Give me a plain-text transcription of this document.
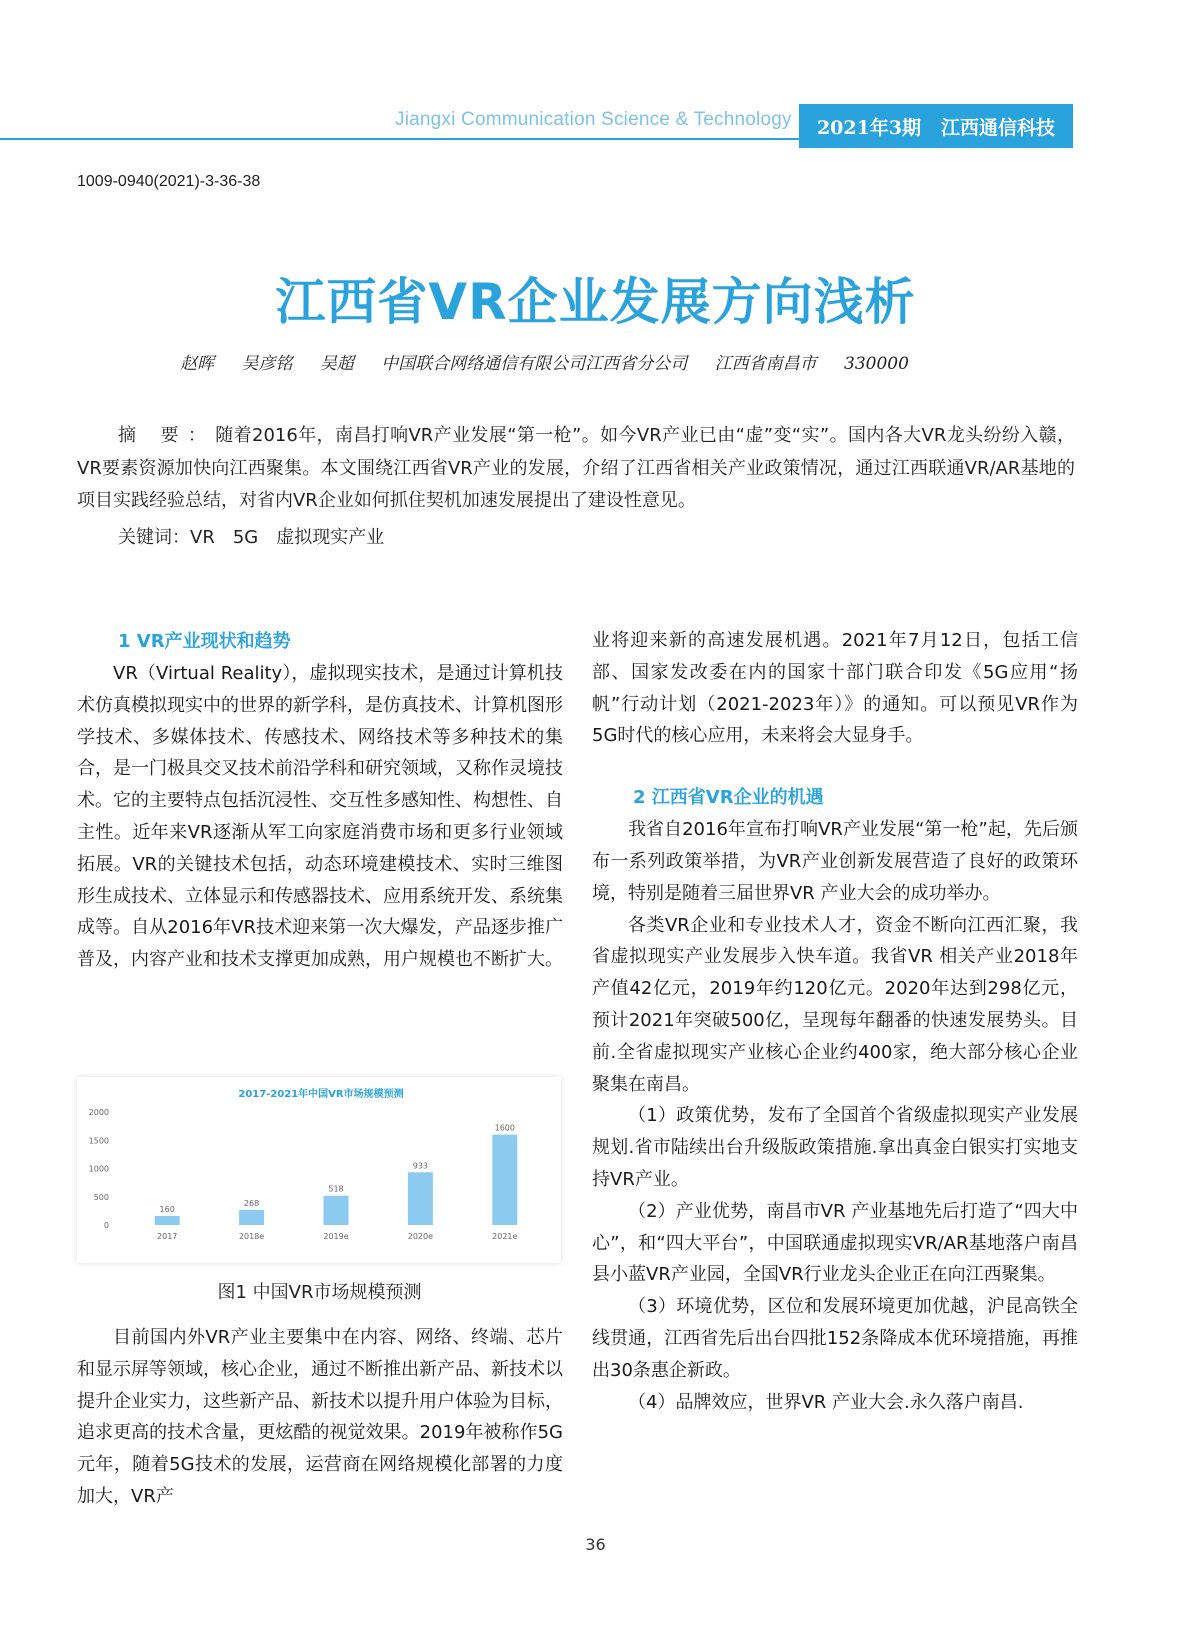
Jiangxi Communication Science & Technology 2021年3期 江西通信科技
1009-0940(2021)-3-36-38
江西省VR企业发展方向浅析
赵晖 吴彦铭 吴超 中国联合网络通信有限公司江西省分公司 江西省南昌市 330000

摘 要：随着2016年，南昌打响VR产业发展“第一枪”。如今VR产业已由“虚”变“实”。国内各大VR龙头纷纷入赣，VR要素资源加快向江西聚集。本文围绕江西省VR产业的发展，介绍了江西省相关产业政策情况，通过江西联通VR/AR基地的项目实践经验总结，对省内VR企业如何抓住契机加速发展提出了建设性意见。

关键词：VR　5G　虚拟现实产业
1 VR产业现状和趋势

VR（Virtual Reality），虚拟现实技术，是通过计算机技术仿真模拟现实中的世界的新学科，是仿真技术、计算机图形学技术、多媒体技术、传感技术、网络技术等多种技术的集合，是一门极具交叉技术前沿学科和研究领域，又称作灵境技术。它的主要特点包括沉浸性、交互性多感知性、构想性、自主性。近年来VR逐渐从军工向家庭消费市场和更多行业领域拓展。VR的关键技术包括，动态环境建模技术、实时三维图形生成技术、立体显示和传感器技术、应用系统开发、系统集成等。自从2016年VR技术迎来第一次大爆发，产品逐步推广普及，内容产业和技术支撑更加成熟，用户规模也不断扩大。

2017-2021年中国VR市场规模预测
2000
1500
1000
500
0
160
2017
268
2018e
518
2019e
933
2020e
1600
2021e
图1 中国VR市场规模预测

目前国内外VR产业主要集中在内容、网络、终端、芯片和显示屏等领域，核心企业，通过不断推出新产品、新技术以提升企业实力，这些新产品、新技术以提升用户体验为目标，追求更高的技术含量，更炫酷的视觉效果。2019年被称作5G元年，随着5G技术的发展，运营商在网络规模化部署的力度加大，VR产

业将迎来新的高速发展机遇。2021年7月12日，包括工信部、国家发改委在内的国家十部门联合印发《5G应用“扬帆”行动计划（2021-2023年）》的通知。可以预见VR作为5G时代的核心应用，未来将会大显身手。

2 江西省VR企业的机遇

我省自2016年宣布打响VR产业发展“第一枪”起，先后颁布一系列政策举措，为VR产业创新发展营造了良好的政策环境，特别是随着三届世界VR 产业大会的成功举办。

各类VR企业和专业技术人才，资金不断向江西汇聚，我省虚拟现实产业发展步入快车道。我省VR 相关产业2018年产值42亿元，2019年约120亿元。2020年达到298亿元，预计2021年突破500亿，呈现每年翻番的快速发展势头。目前.全省虚拟现实产业核心企业约400家，绝大部分核心企业聚集在南昌。

（1）政策优势，发布了全国首个省级虚拟现实产业发展规划.省市陆续出台升级版政策措施.拿出真金白银实打实地支持VR产业。

（2）产业优势，南昌市VR 产业基地先后打造了“四大中心”，和“四大平台”，中国联通虚拟现实VR/AR基地落户南昌县小蓝VR产业园，全国VR行业龙头企业正在向江西聚集。

（3）环境优势，区位和发展环境更加优越，沪昆高铁全线贯通，江西省先后出台四批152条降成本优环境措施，再推出30条惠企新政。

（4）品牌效应，世界VR 产业大会.永久落户南昌.

36
